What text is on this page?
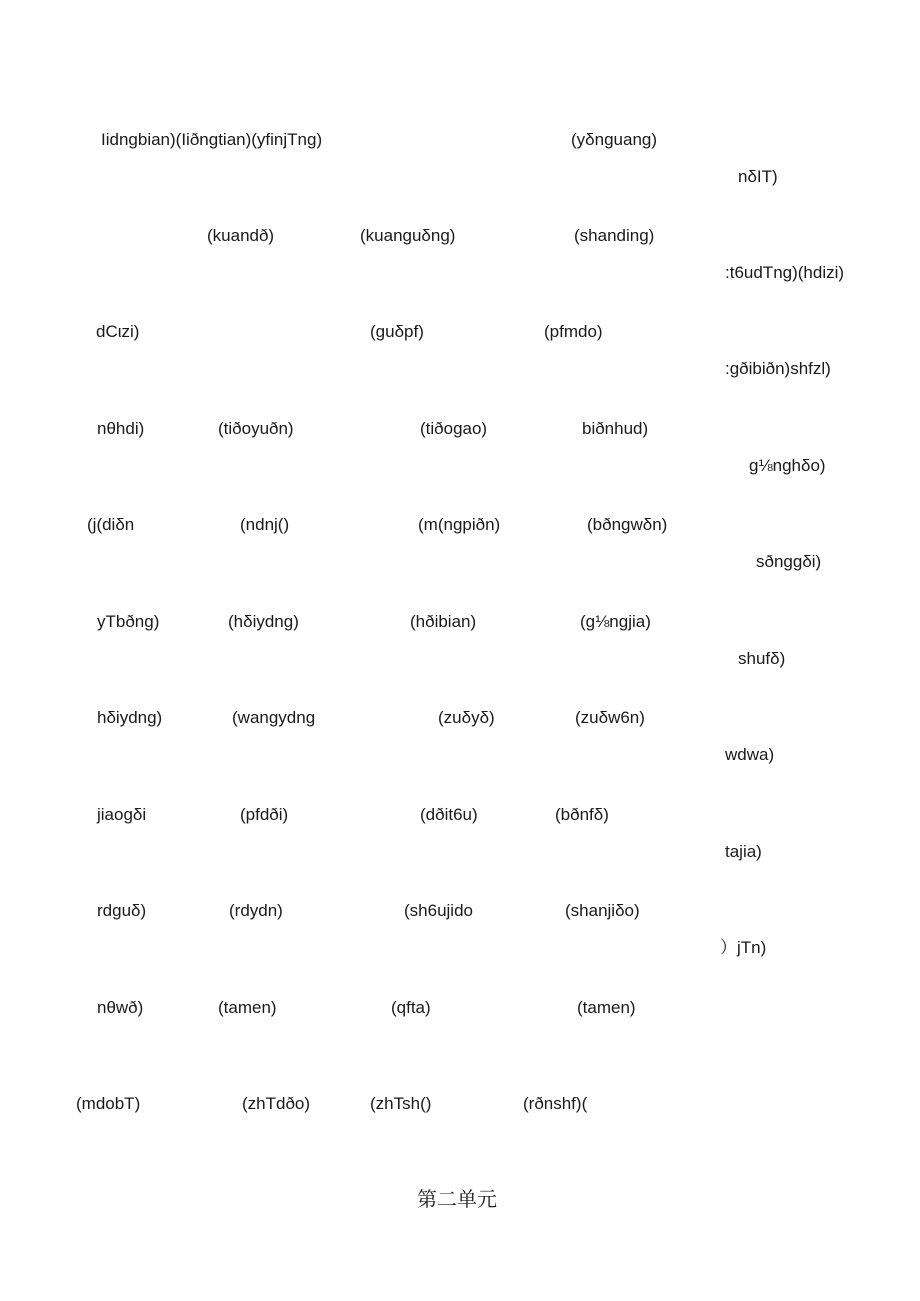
Iidngbian)(Iiðngtian)(yfinjTng)	(yδnguang)
nδIT)
(kuandð)	(kuanguδng)	(shanding)
:t6udTng)(hdizi)
dCιzi)	(guδpf)	(pfmdo)
:gðibiðn)shfzl)
nθhdi)	(tiðoyuðn)	(tiðogao)	biðnhud)
g⅛nghδo)
(j(diδn	(ndnj()	(m(ngpiðn)	(bðngwδn)
sðnggδi)
yTbðng)	(hδiydng)	(hðibian)	(g⅛ngjia)
shufδ)
hδiydng)	(wangydng	(zuδyδ)	(zuδw6n)
wdwa)
jiaogδi	(pfdði)	(dðit6u)	(bðnfδ)
tajia)
rdguδ)	(rdydn)	(sh6ujido	(shanjiδo)
）jTn)
nθwð)	(tamen)	(qfta)	(tamen)
(mdobT)	(zhTdðo)	(zhTsh()	(rðnshf)(
第二单元
